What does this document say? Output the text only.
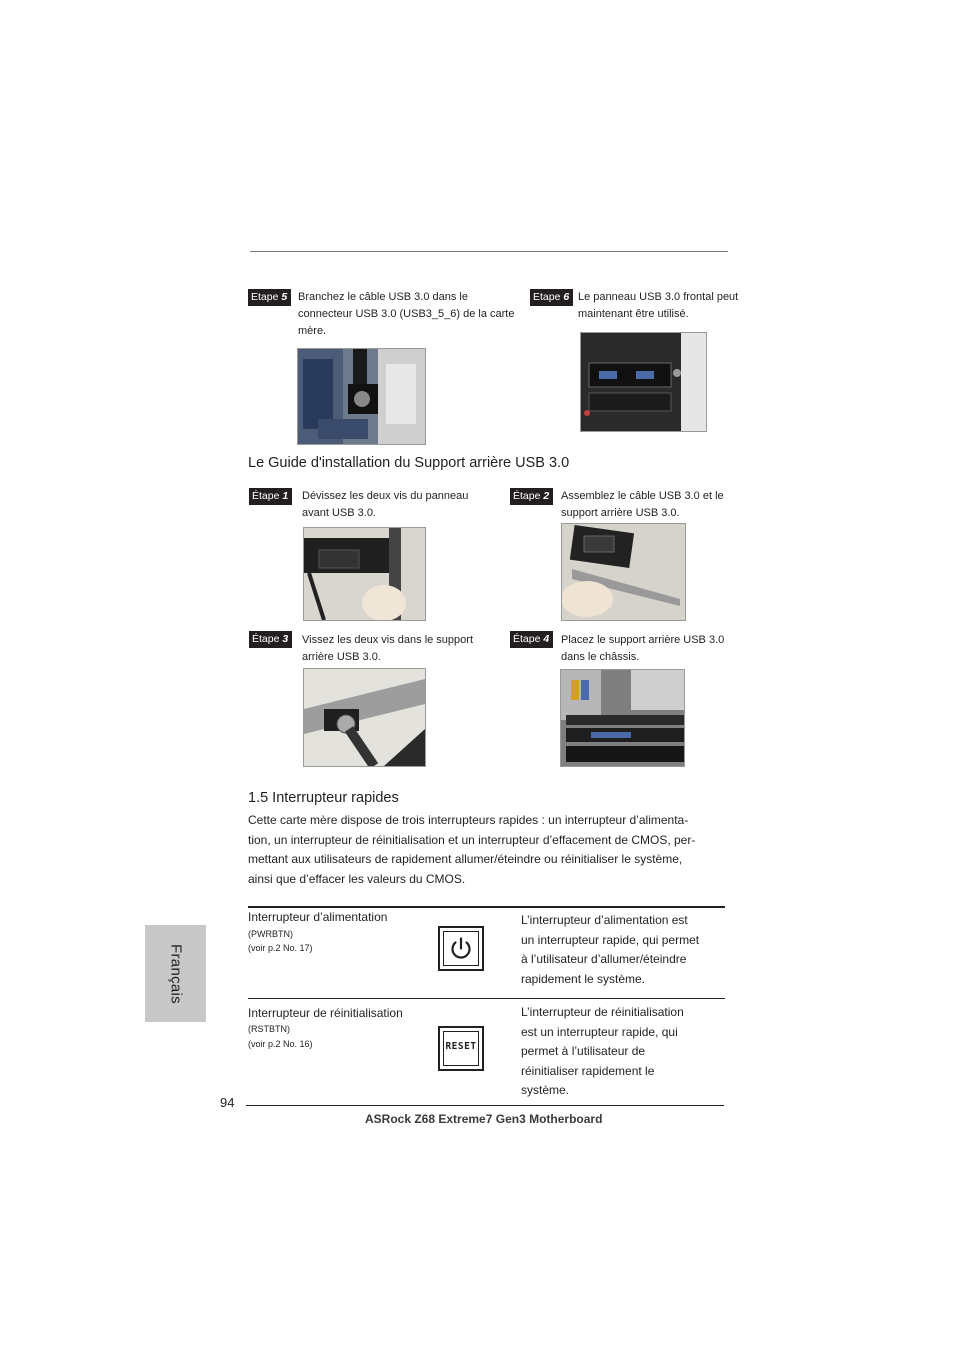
Etape 5 Branchez le câble USB 3.0 dans le
connecteur USB 3.0 (USB3_5_6) de la carte
mère.
Etape 6 Le panneau USB 3.0 frontal peut
maintenant être utilisé.
Le Guide d'installation du Support arrière USB 3.0
Étape 1	Dévissez les deux vis du panneau
avant USB 3.0.
Étape 2	Assemblez le câble USB 3.0 et le
support arrière USB 3.0.
Étape 3	Vissez les deux vis dans le support
arrière USB 3.0.
Étape 4	Placez le support arrière USB 3.0
dans le châssis.
1.5 Interrupteur rapides
Cette carte mère dispose de trois interrupteurs rapides : un interrupteur d’alimenta-
tion, un interrupteur de réinitialisation et un interrupteur d’effacement de CMOS, per-
mettant aux utilisateurs de rapidement allumer/éteindre ou réinitialiser le système,
ainsi que d’effacer les valeurs du CMOS.
Interrupteur d’alimentation
(PWRBTN)
(voir p.2 No. 17)
L’interrupteur d’alimentation est
un interrupteur rapide, qui permet
à l’utilisateur d’allumer/éteindre
rapidement le système.
Interrupteur de réinitialisation
(RSTBTN)
(voir p.2 No. 16)	RESET
L’interrupteur de réinitialisation
est un interrupteur rapide, qui
permet à l’utilisateur de
réinitialiser rapidement le
système.
Français
94
ASRock Z68 Extreme7 Gen3 Motherboard
